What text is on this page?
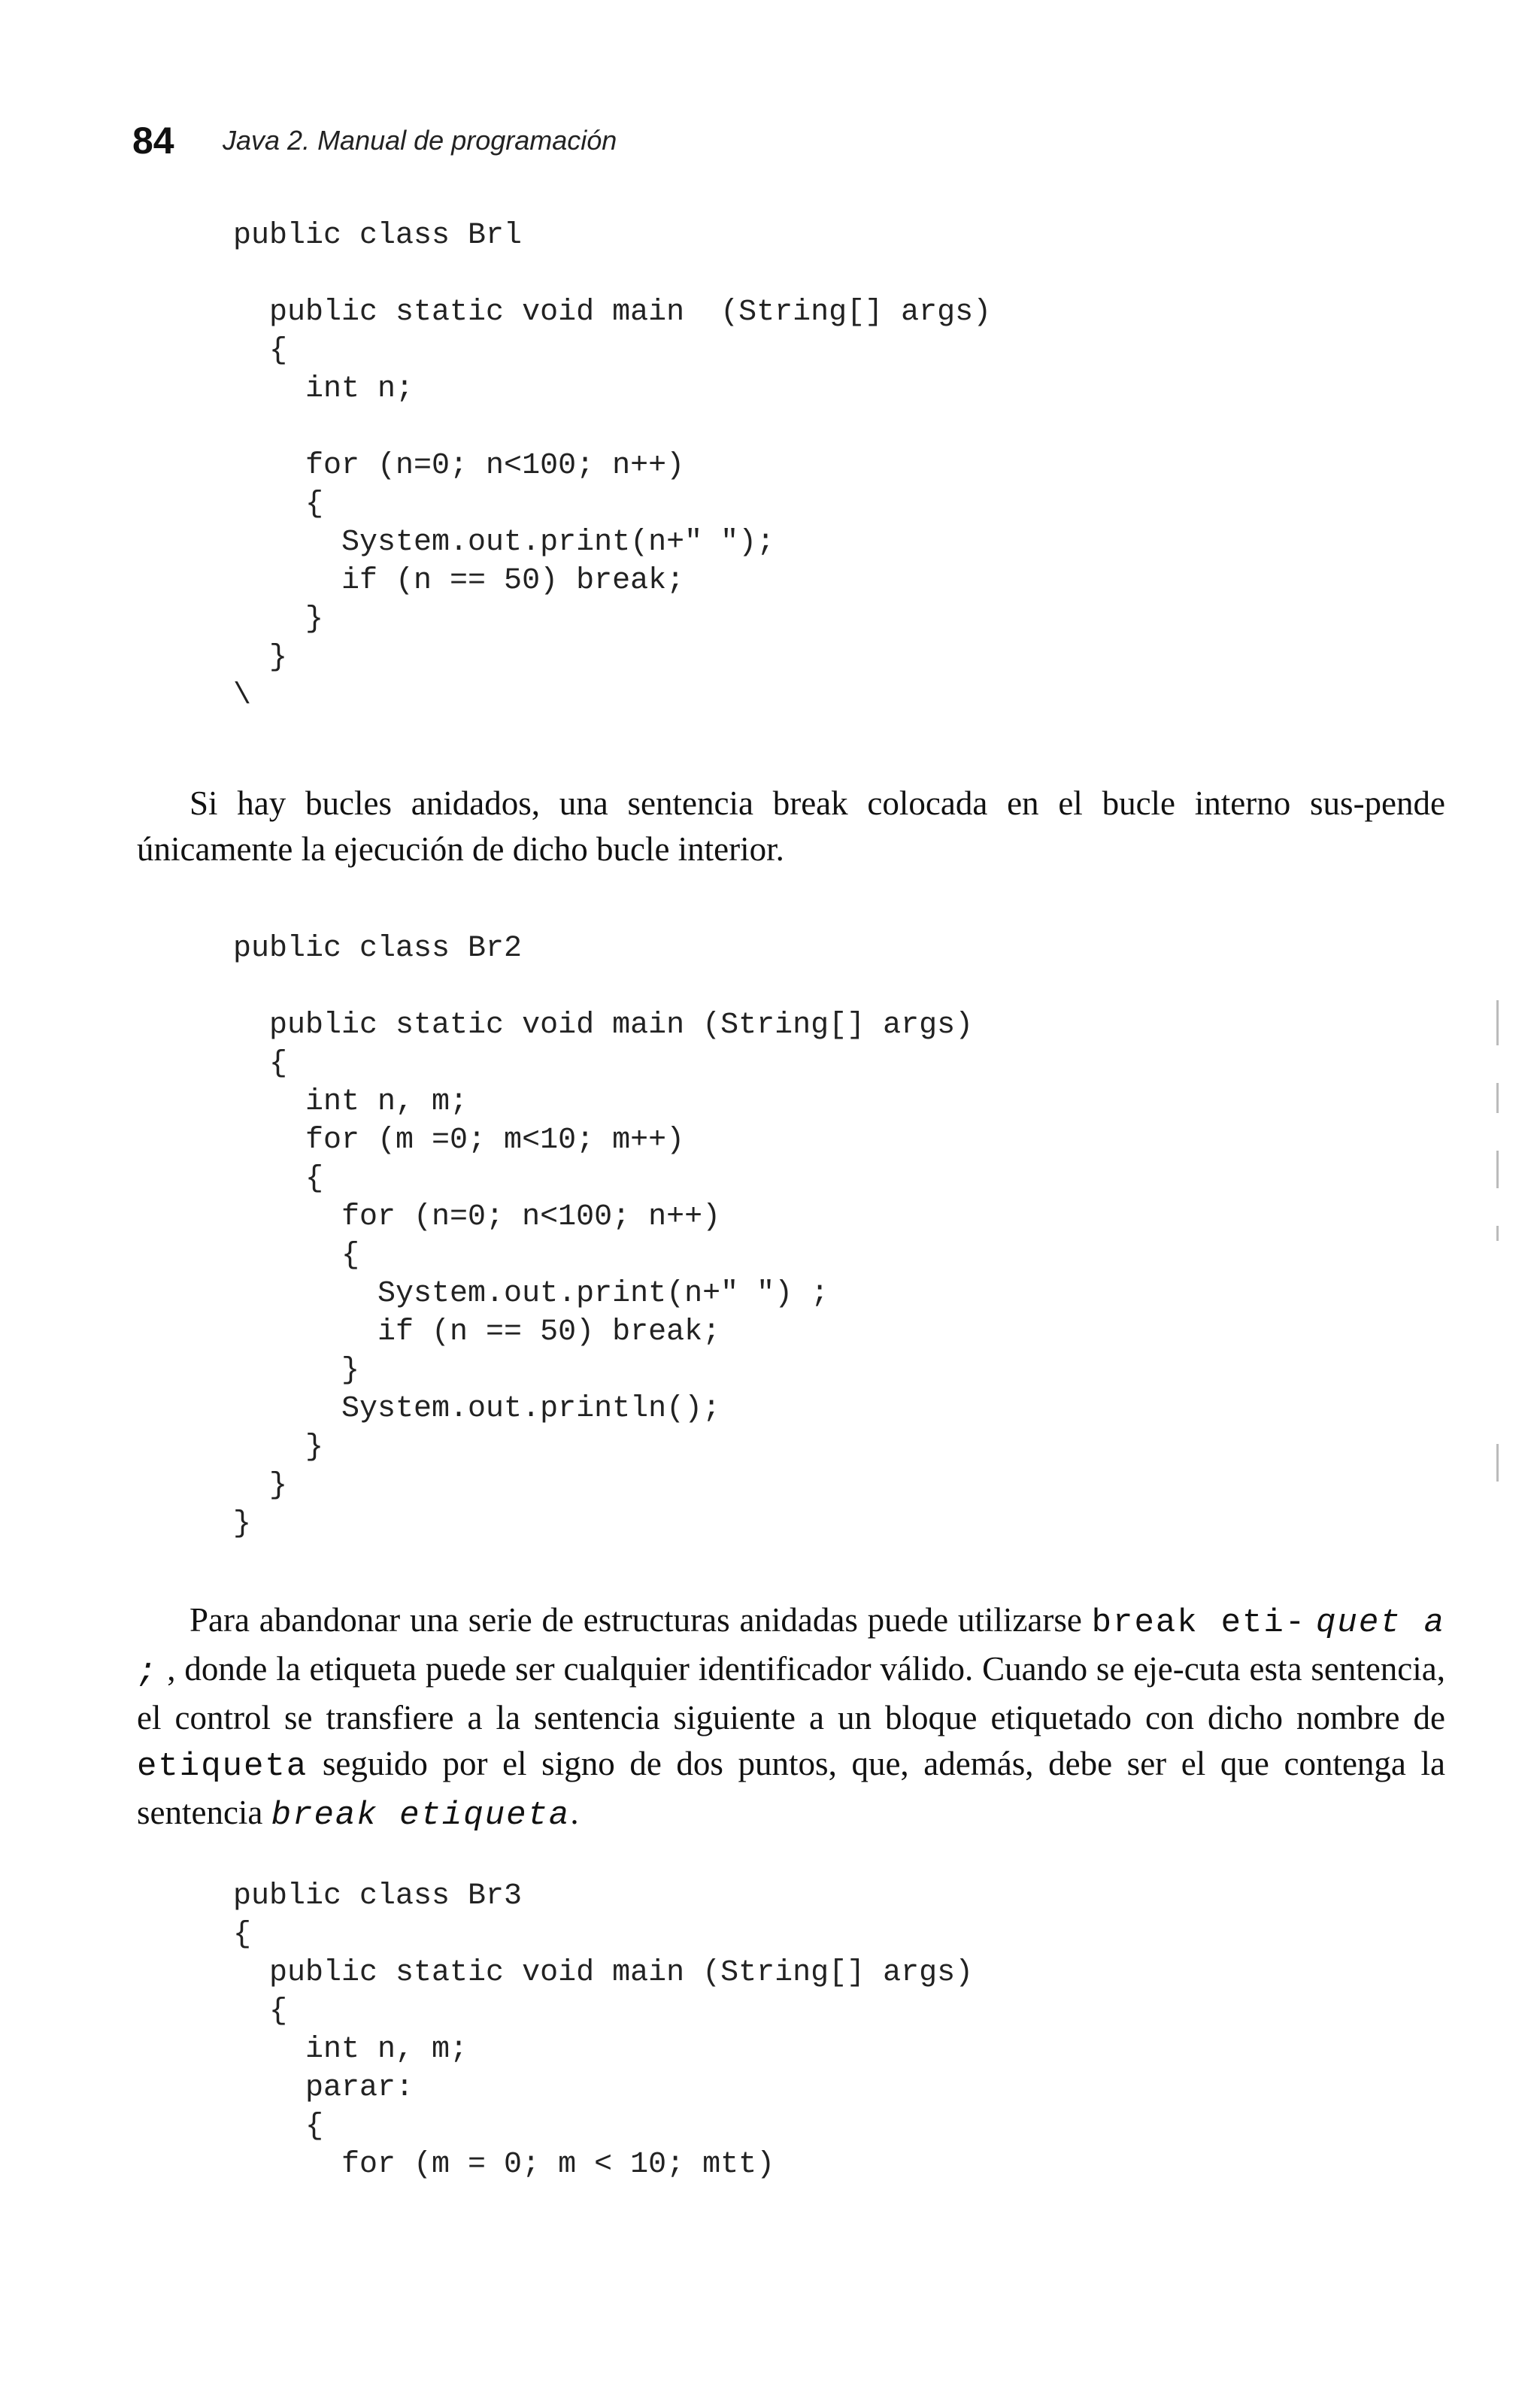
84 Java 2. Manual de programación
public class Brl

public static void main  (String[] args)
{
int n;

for (n=0; n<100; n++)
{
System.out.print(n+" ");
if (n == 50) break;
}
}
\

Si hay bucles anidados, una sentencia break colocada en el bucle interno sus-pende únicamente la ejecución de dicho bucle interior.

public class Br2

public static void main (String[] args)
{
int n, m;
for (m =0; m<10; m++)
{
for (n=0; n<100; n++)
{
System.out.print(n+" ") ;
if (n == 50) break;
}
System.out.println();
}
}
}

Para abandonar una serie de estructuras anidadas puede utilizarse break eti- quet a ; , donde la etiqueta puede ser cualquier identificador válido. Cuando se eje-cuta esta sentencia, el control se transfiere a la sentencia siguiente a un bloque etiquetado con dicho nombre de etiqueta seguido por el signo de dos puntos, que, además, debe ser el que contenga la sentencia break etiqueta.

public class Br3
{
public static void main (String[] args)
{
int n, m;
parar:
{
for (m = 0; m < 10; mtt)
